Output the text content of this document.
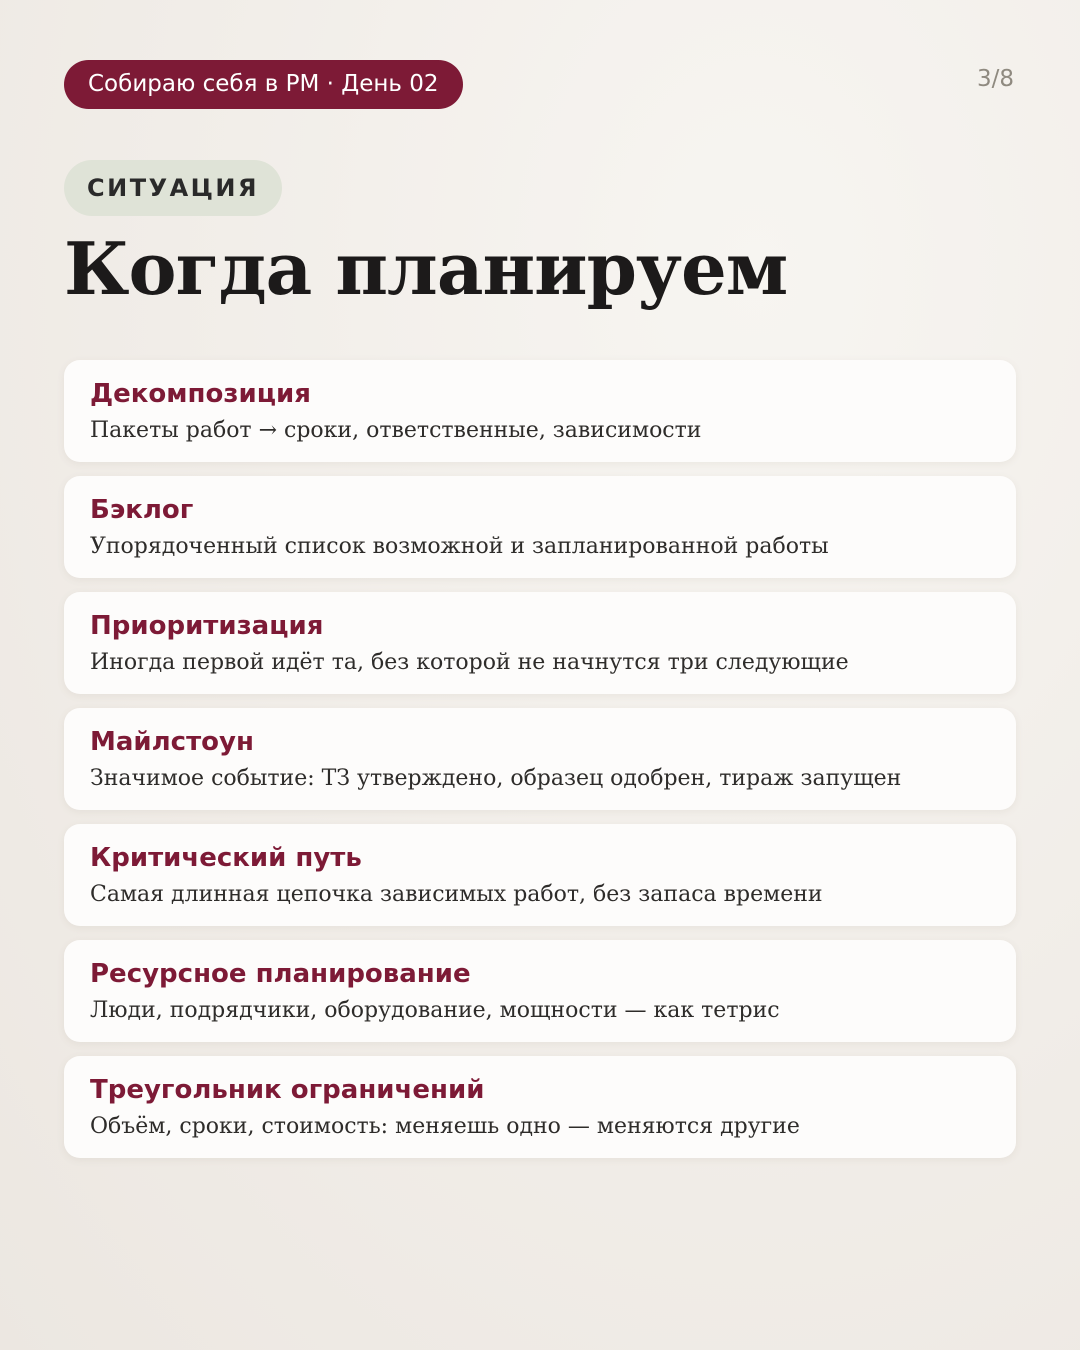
Собираю себя в PM · День 02	3/8
СИТУАЦИЯ
Когда планируем
Декомпозиция
Пакеты работ → сроки, ответственные, зависимости
Бэклог
Упорядоченный список возможной и запланированной работы
Приоритизация
Иногда первой идёт та, без которой не начнутся три следующие
Майлстоун
Значимое событие: ТЗ утверждено, образец одобрен, тираж запущен
Критический путь
Самая длинная цепочка зависимых работ, без запаса времени
Ресурсное планирование
Люди, подрядчики, оборудование, мощности — как тетрис
Треугольник ограничений
Объём, сроки, стоимость: меняешь одно — меняются другие
